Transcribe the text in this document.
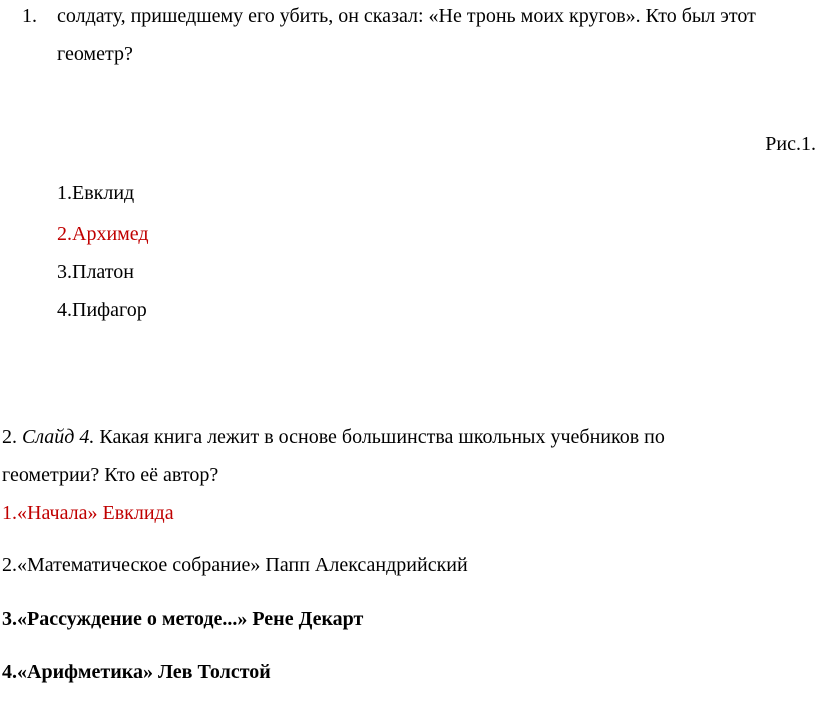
1. солдату, пришедшему его убить, он сказал: «Не тронь моих кругов». Кто был этот
геометр?
Рис.1.
1.Евклид
2.Архимед
3.Платон
4.Пифагор
2. Слайд 4. Какая книга лежит в основе большинства школьных учебников по
геометрии? Кто её автор?
1.«Начала» Евклида
2.«Математическое собрание» Папп Александрийский
3.«Рассуждение о методе...» Рене Декарт
4.«Арифметика» Лев Толстой
